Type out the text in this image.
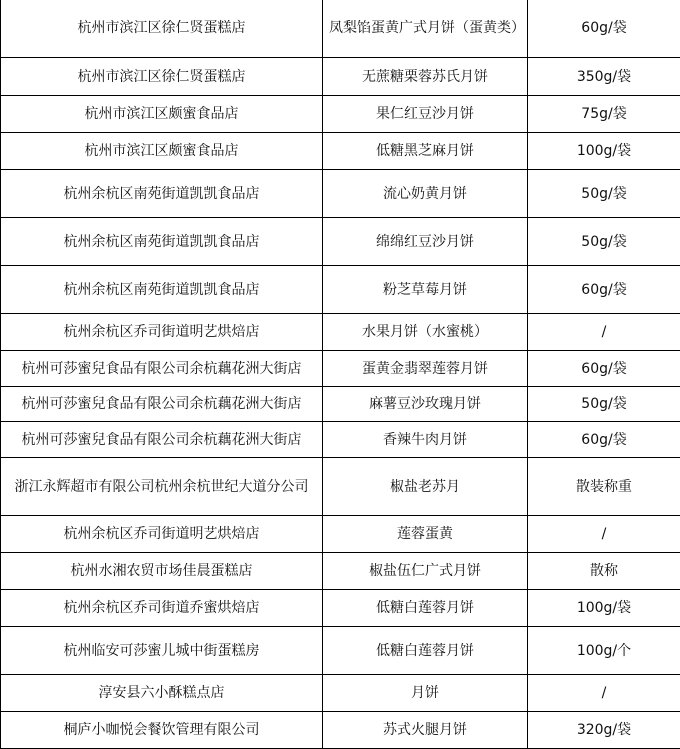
杭州市滨江区徐仁贤蛋糕店	凤梨馅蛋黄广式月饼（蛋黄类）	60g/袋
杭州市滨江区徐仁贤蛋糕店	无蔗糖栗蓉苏氏月饼	350g/袋
杭州市滨江区颇蜜食品店	果仁红豆沙月饼	75g/袋
杭州市滨江区颇蜜食品店	低糖黑芝麻月饼	100g/袋
杭州余杭区南苑街道凯凯食品店	流心奶黄月饼	50g/袋
杭州余杭区南苑街道凯凯食品店	绵绵红豆沙月饼	50g/袋
杭州余杭区南苑街道凯凯食品店	粉芝草莓月饼	60g/袋
杭州余杭区乔司街道明艺烘焙店	水果月饼（水蜜桃）	/
杭州可莎蜜兒食品有限公司余杭藕花洲大街店	蛋黄金翡翠莲蓉月饼	60g/袋
杭州可莎蜜兒食品有限公司余杭藕花洲大街店	麻薯豆沙玫瑰月饼	50g/袋
杭州可莎蜜兒食品有限公司余杭藕花洲大街店	香辣牛肉月饼	60g/袋
浙江永辉超市有限公司杭州余杭世纪大道分公司	椒盐老苏月	散装称重
杭州余杭区乔司街道明艺烘焙店	莲蓉蛋黄	/
杭州水湘农贸市场佳晨蛋糕店	椒盐伍仁广式月饼	散称
杭州余杭区乔司街道乔蜜烘焙店	低糖白莲蓉月饼	100g/袋
杭州临安可莎蜜儿城中街蛋糕房	低糖白莲蓉月饼	100g/个
淳安县六小酥糕点店	月饼	/
桐庐小咖悦会餐饮管理有限公司	苏式火腿月饼	320g/袋
